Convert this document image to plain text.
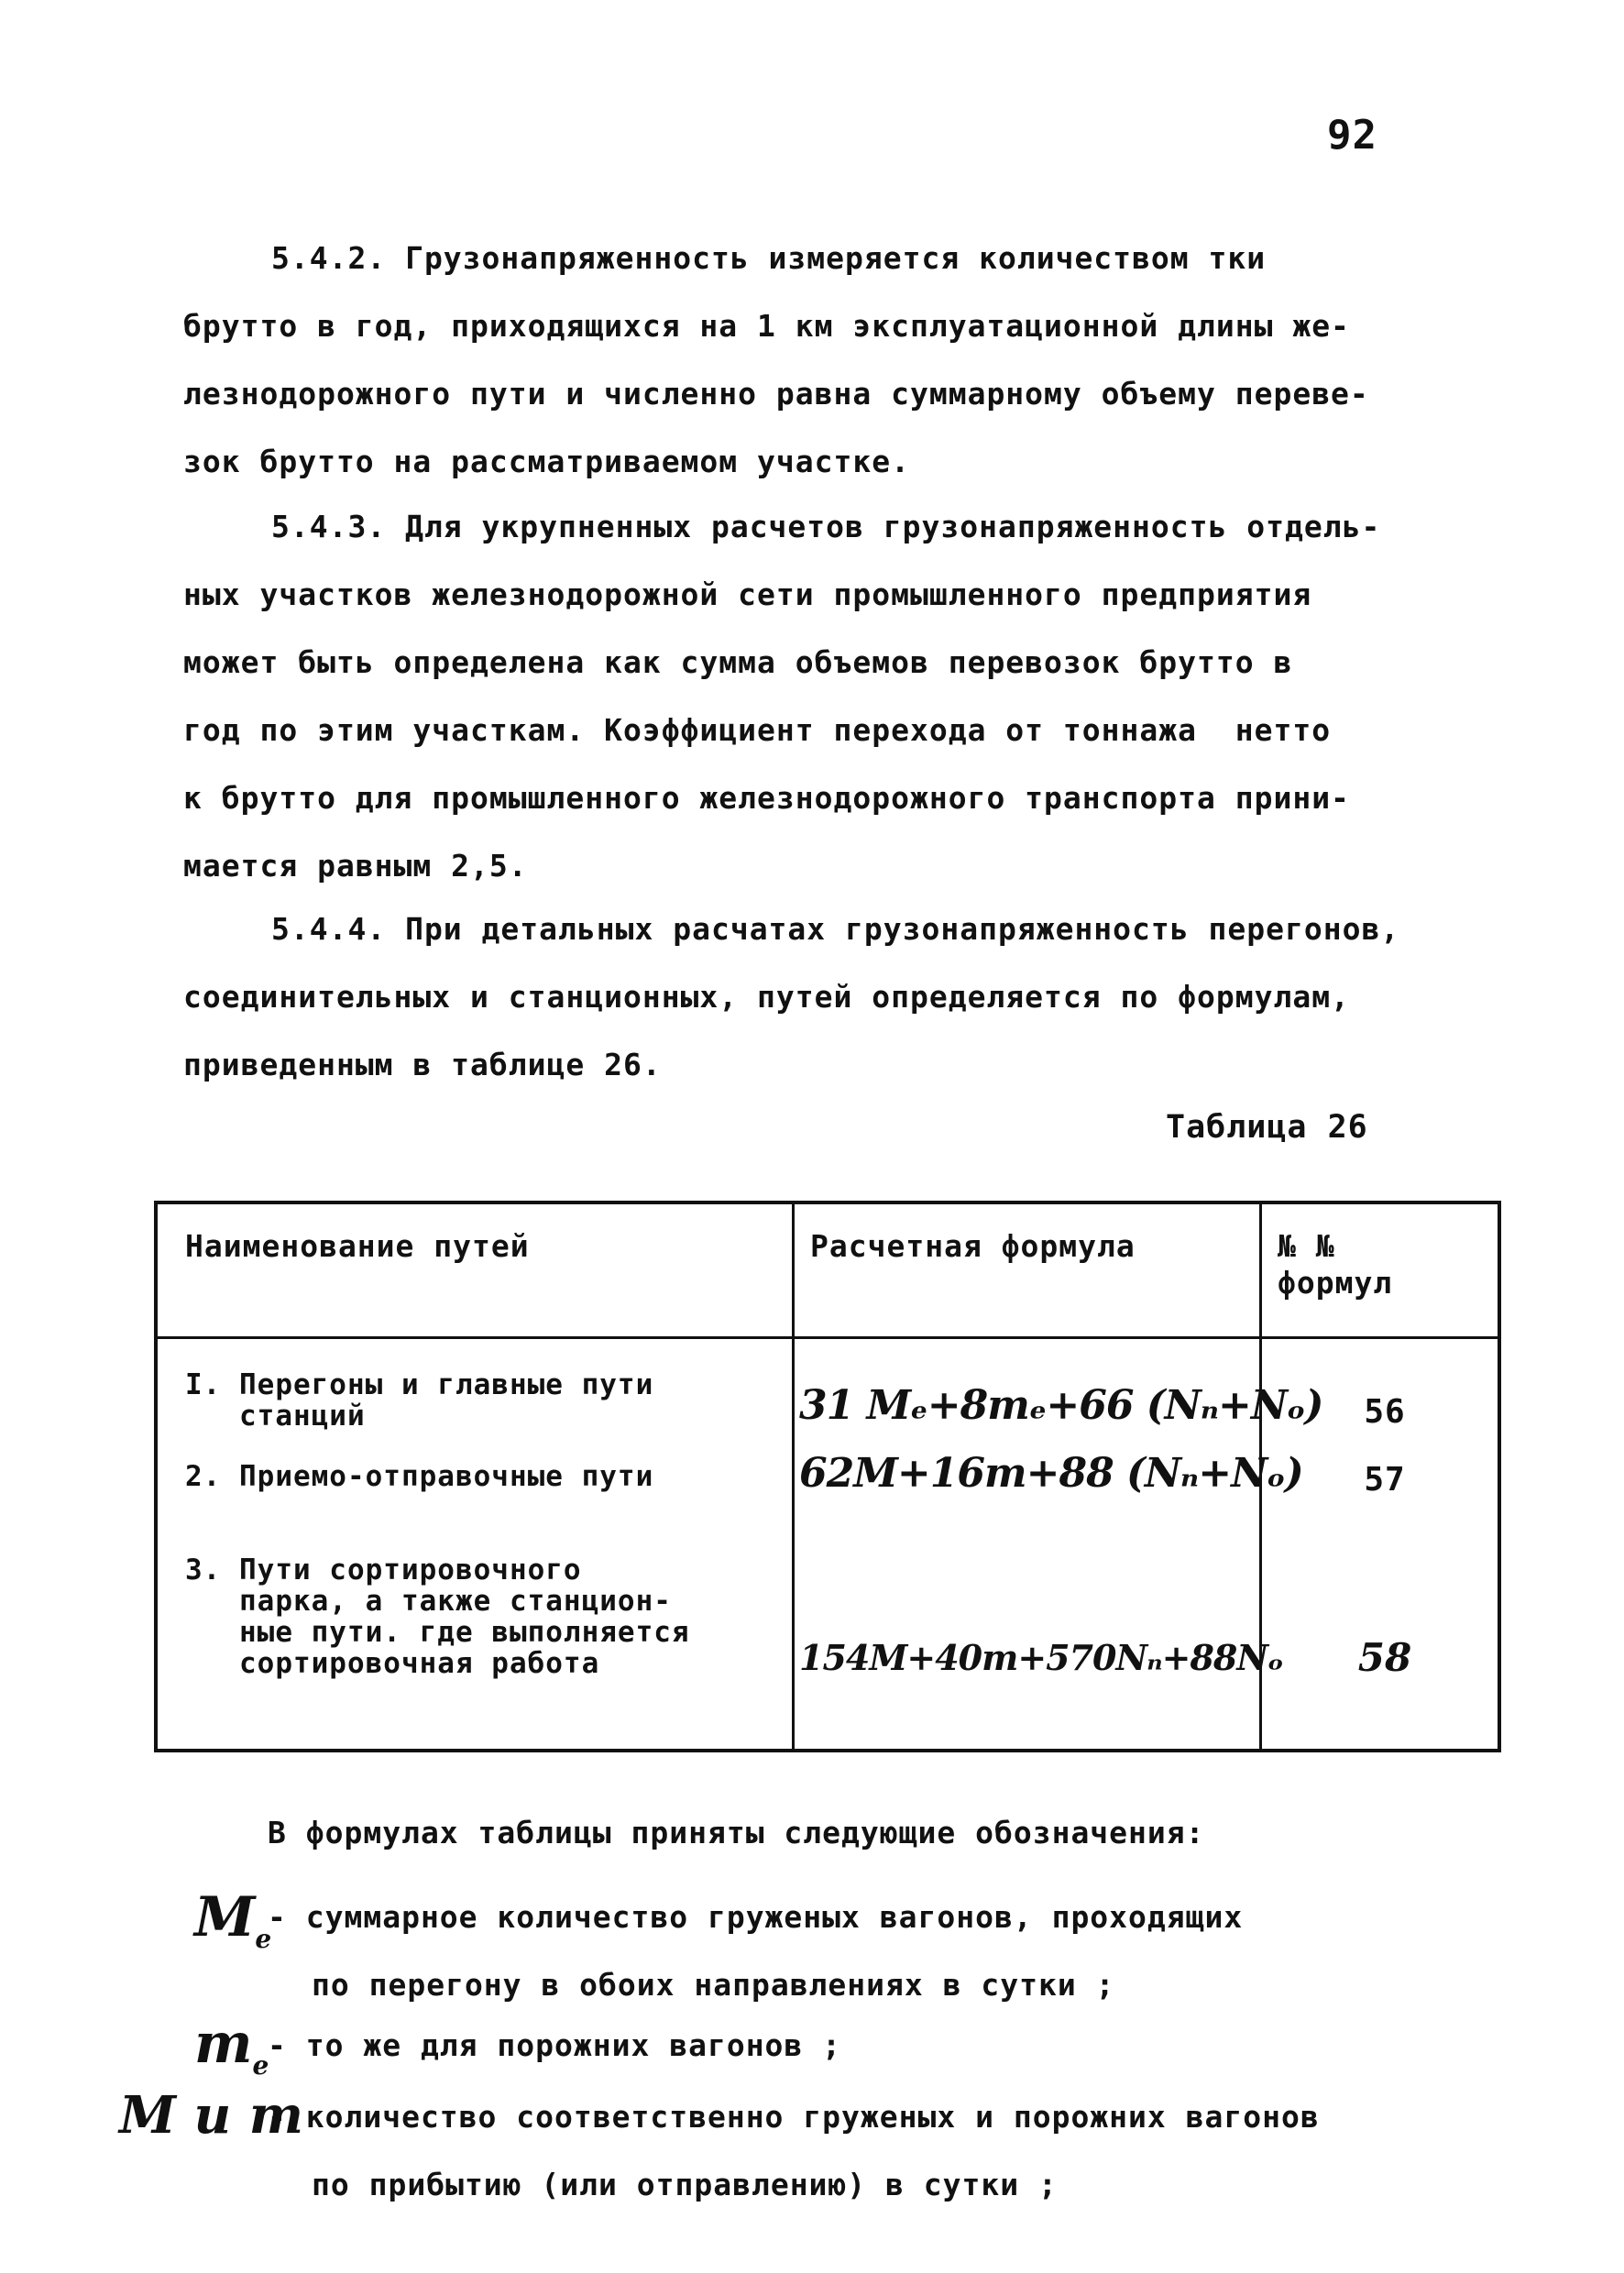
92
5.4.2. Грузонапряженность измеряется количеством тки
брутто в год, приходящихся на 1 км эксплуатационной длины же-
лезнодорожного пути и численно равна суммарному объему переве-
зок брутто на рассматриваемом участке.
5.4.3. Для укрупненных расчетов грузонапряженность отдель-
ных участков железнодорожной сети промышленного предприятия
может быть определена как сумма объемов перевозок брутто в
год по этим участкам. Коэффициент перехода от тоннажа  нетто
к брутто для промышленного железнодорожного транспорта прини-
мается равным 2,5.
5.4.4. При детальных расчатах грузонапряженность перегонов,
соединительных и станционных, путей определяется по формулам,
приведенным в таблице 26.
Таблица 26
Наименование путей	Расчетная формула	№ №
формул
I. Перегоны и главные пути
станций	31 Mₑ+8mₑ+66 (Nₙ+Nₒ)	56
2. Приемо-отправочные пути	62M+16m+88 (Nₙ+Nₒ)	57
3. Пути сортировочного
парка, а также станцион-
ные пути. где выполняется
сортировочная работа	154M+40m+570Nₙ+88Nₒ	58
В формулах таблицы приняты следующие обозначения:
$M_e$
- суммарное количество груженых вагонов, проходящих
по перегону в обоих направлениях в сутки ;
$m_e$
- то же для порожних вагонов ;
M и m
- количество соответственно груженых и порожних вагонов
по прибытию (или отправлению) в сутки ;
